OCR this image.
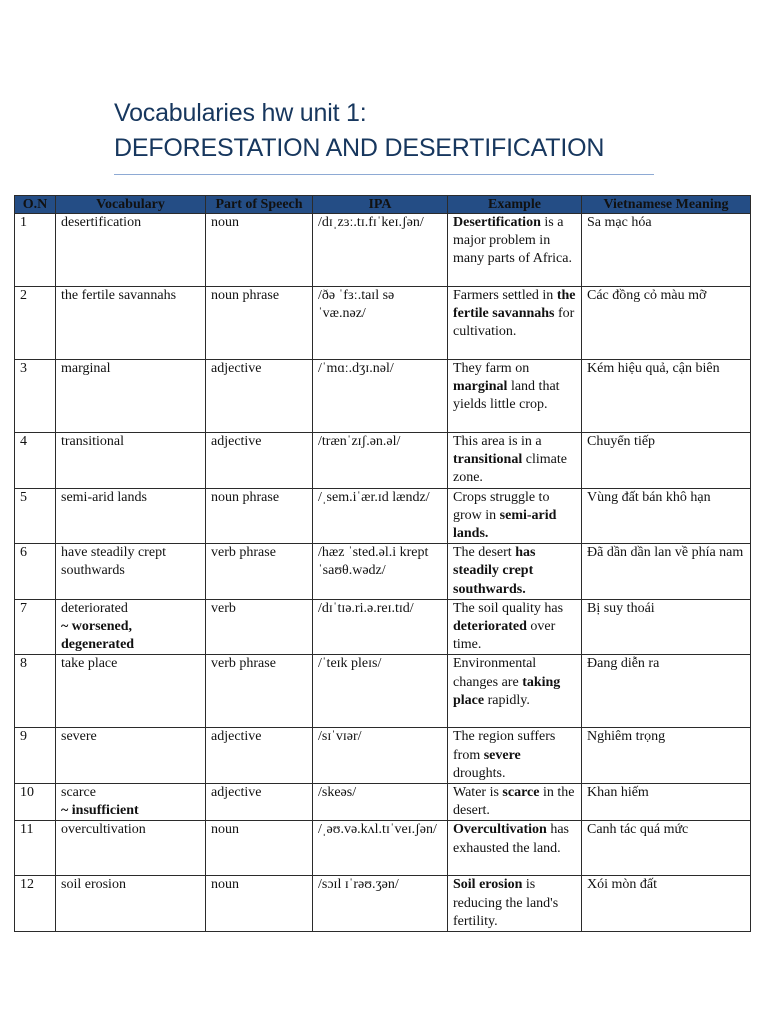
Vocabularies hw unit 1:
DEFORESTATION AND DESERTIFICATION
O.N	Vocabulary	Part of Speech	IPA	Example	Vietnamese Meaning
1	desertification	noun	/dɪˌzɜː.tɪ.fɪˈkeɪ.ʃən/	Desertification is a major problem in many parts of Africa.	Sa mạc hóa
2	the fertile savannahs	noun phrase	/ðə ˈfɜː.taɪl sə ˈvæ.nəz/	Farmers settled in the fertile savannahs for cultivation.	Các đồng cỏ màu mỡ
3	marginal	adjective	/ˈmɑː.dʒɪ.nəl/	They farm on marginal land that yields little crop.	Kém hiệu quả, cận biên
4	transitional	adjective	/trænˈzɪʃ.ən.əl/	This area is in a transitional climate zone.	Chuyển tiếp
5	semi-arid lands	noun phrase	/ˌsem.iˈær.ɪd lændz/	Crops struggle to grow in semi-arid lands.	Vùng đất bán khô hạn
6	have steadily crept southwards	verb phrase	/hæz ˈsted.əl.i krept ˈsaʊθ.wədz/	The desert has steadily crept southwards.	Đã dần dần lan về phía nam
7	deteriorated
~ worsened, degenerated	verb	/dɪˈtɪə.ri.ə.reɪ.tɪd/	The soil quality has deteriorated over time.	Bị suy thoái
8	take place	verb phrase	/ˈteɪk pleɪs/	Environmental changes are taking place rapidly.	Đang diễn ra
9	severe	adjective	/sɪˈvɪər/	The region suffers from severe droughts.	Nghiêm trọng
10	scarce
~ insufficient	adjective	/skeəs/	Water is scarce in the desert.	Khan hiếm
11	overcultivation	noun	/ˌəʊ.və.kʌl.tɪˈveɪ.ʃən/	Overcultivation has exhausted the land.	Canh tác quá mức
12	soil erosion	noun	/sɔɪl ɪˈrəʊ.ʒən/	Soil erosion is reducing the land's fertility.	Xói mòn đất
